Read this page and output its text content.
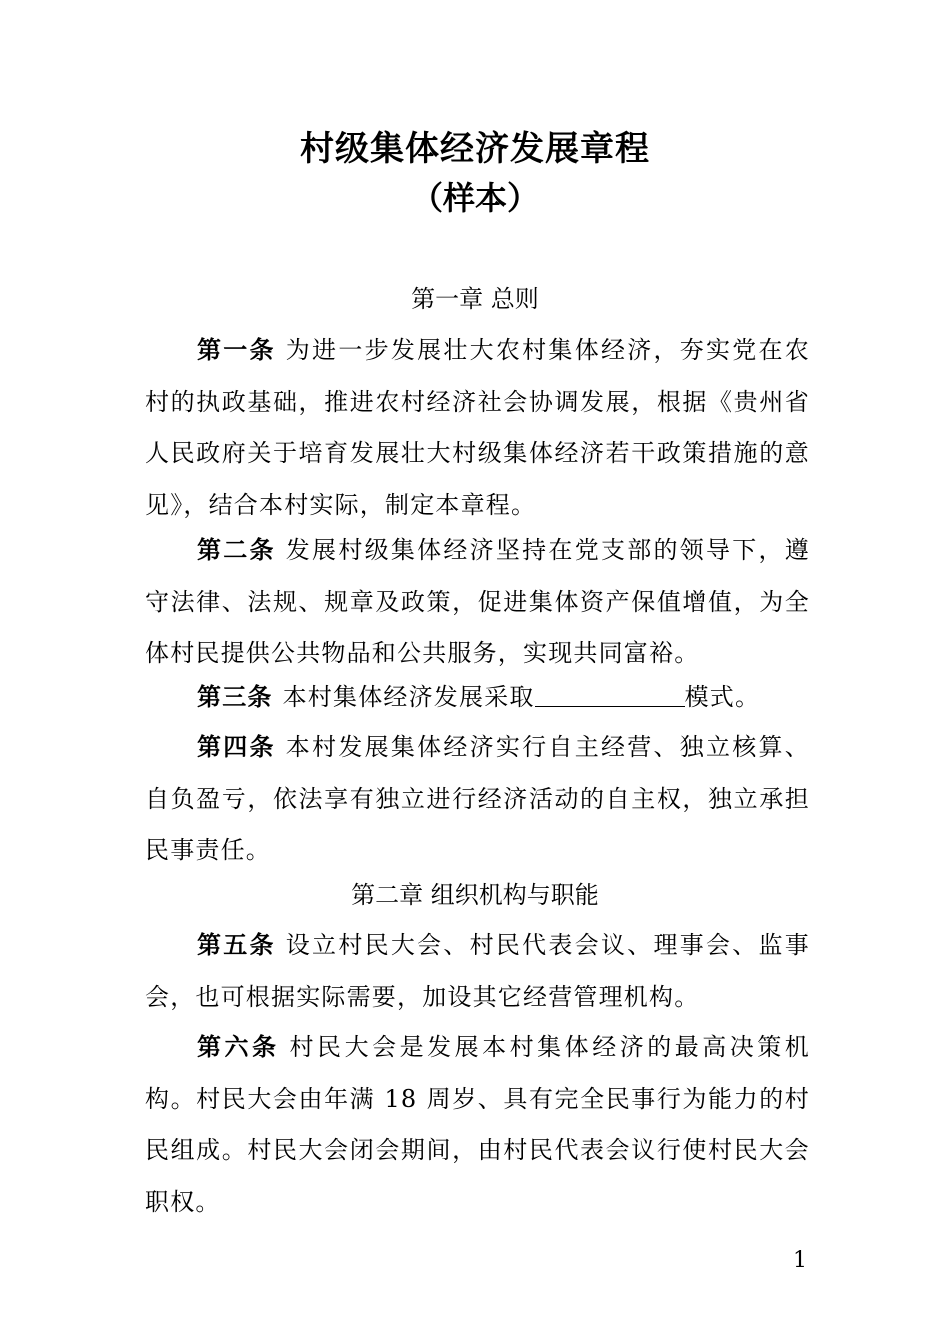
村级集体经济发展章程
（样本）
第一章 总则
第一条 为进一步发展壮大农村集体经济，夯实党在农村的执政基础，推进农村经济社会协调发展，根据《贵州省人民政府关于培育发展壮大村级集体经济若干政策措施的意见》，结合本村实际，制定本章程。
第二条 发展村级集体经济坚持在党支部的领导下，遵守法律、法规、规章及政策，促进集体资产保值增值，为全体村民提供公共物品和公共服务，实现共同富裕。
第三条 本村集体经济发展采取	模式。
第四条 本村发展集体经济实行自主经营、独立核算、自负盈亏，依法享有独立进行经济活动的自主权，独立承担民事责任。
第二章 组织机构与职能
第五条 设立村民大会、村民代表会议、理事会、监事会，也可根据实际需要，加设其它经营管理机构。
第六条 村民大会是发展本村集体经济的最高决策机构。村民大会由年满 18 周岁、具有完全民事行为能力的村民组成。村民大会闭会期间，由村民代表会议行使村民大会职权。
1
